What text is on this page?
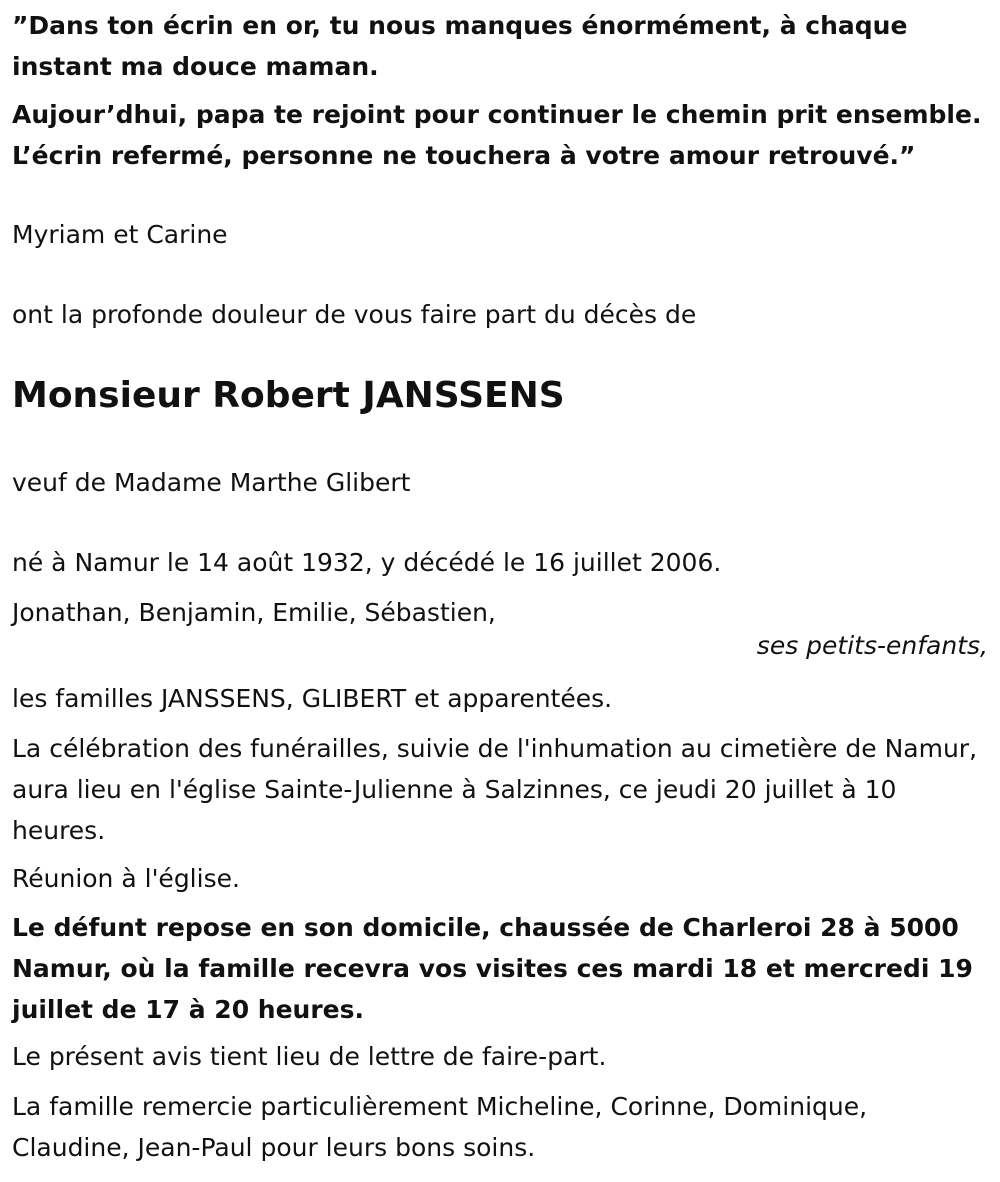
”Dans ton écrin en or, tu nous manques énormément, à chaque instant ma douce maman.

Aujour’dhui, papa te rejoint pour continuer le chemin prit ensemble. L’écrin refermé, personne ne touchera à votre amour retrouvé.”

Myriam et Carine

ont la profonde douleur de vous faire part du décès de

Monsieur Robert JANSSENS

veuf de Madame Marthe Glibert

né à Namur le 14 août 1932, y décédé le 16 juillet 2006.

Jonathan, Benjamin, Emilie, Sébastien,

ses petits-enfants,

les familles JANSSENS, GLIBERT et apparentées.

La célébration des funérailles, suivie de l'inhumation au cimetière de Namur, aura lieu en l'église Sainte-Julienne à Salzinnes, ce jeudi 20 juillet à 10 heures.

Réunion à l'église.

Le défunt repose en son domicile, chaussée de Charleroi 28 à 5000 Namur, où la famille recevra vos visites ces mardi 18 et mercredi 19 juillet de 17 à 20 heures.

Le présent avis tient lieu de lettre de faire-part.

La famille remercie particulièrement Micheline, Corinne, Dominique, Claudine, Jean-Paul pour leurs bons soins.
